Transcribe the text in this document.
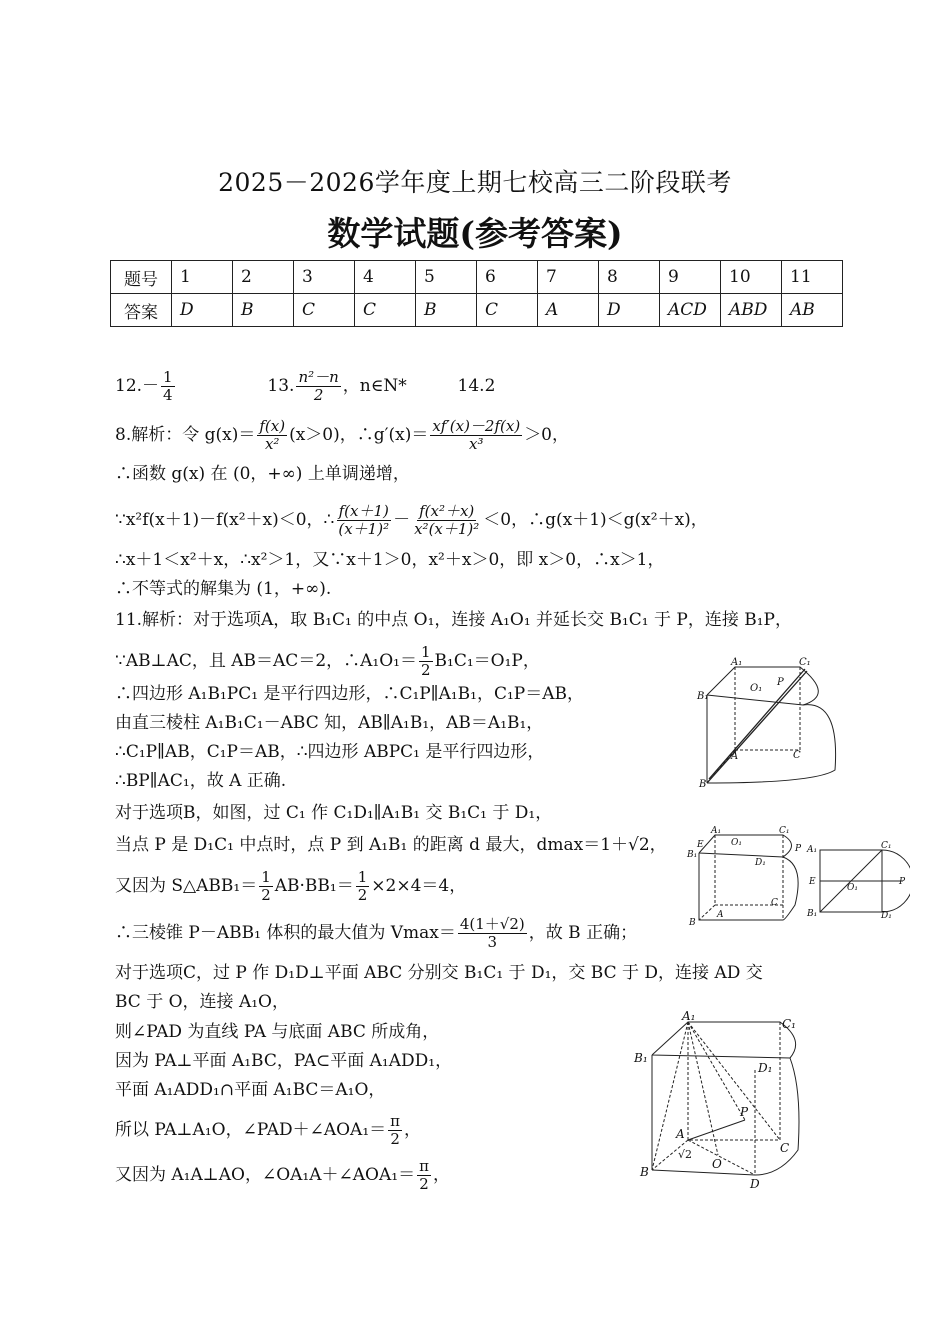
2025－2026学年度上期七校高三二阶段联考
数学试题(参考答案)
题号	1	2	3	4	5	6	7	8	9	10	11
答案	D	B	C	C	B	C	A	D	ACD	ABD	AB
$12.- \frac{1}{4}$	13. $\frac{\text{n²－n}}{2}$ ，n∈N*	14.2
8.解析：令 $g(x)= \frac{f(x)}{\text{x²}} (x>0)$，∴g′(x)＝ $\frac{xf'(x)-2f(x)}{\text{x³}} >0$，
∴函数 g(x) 在 (0，+∞) 上单调递增，
∵x²f(x＋1)－f(x²＋x)＜0，∴ $\frac{f(x+1)}{\text{(x＋1)²}} - \frac{\text{f(x²＋x)}}{\text{x²(x＋1)²}} <0$，∴g(x＋1)＜g(x²＋x)，
∴x＋1＜x²＋x，∴x²＞1，又∵x＋1＞0，x²＋x＞0，即 x＞0，∴x＞1，
∴不等式的解集为 (1，+∞).
11.解析：对于选项A，取 B₁C₁ 的中点 O₁，连接 A₁O₁ 并延长交 B₁C₁ 于 P，连接 B₁P，
∵AB⊥AC，且 AB＝AC＝2，∴A₁O₁＝ $\frac{1}{2} B_1C_1=O_1P$，
∴四边形 A₁B₁PC₁ 是平行四边形，∴C₁P∥A₁B₁，C₁P＝AB，
由直三棱柱 A₁B₁C₁－ABC 知，AB∥A₁B₁，AB＝A₁B₁，
∴C₁P∥AB，C₁P＝AB，∴四边形 ABPC₁ 是平行四边形，
∴BP∥AC₁，故 A 正确.
对于选项B，如图，过 C₁ 作 C₁D₁∥A₁B₁ 交 B₁C₁ 于 D₁，
当点 P 是 D₁C₁ 中点时，点 P 到 A₁B₁ 的距离 d 最大，dmax＝1＋√2，
又因为 S△ABB₁＝ $\frac{1}{2} AB\cdot BB_1= \frac{1}{2} \times 2\times 4=4$，
∴三棱锥 P－ABB₁ 体积的最大值为 $Vmax= \frac{4(1+√2)}{3}$ ，故 B 正确；
对于选项C，过 P 作 D₁D⊥平面 ABC 分别交 B₁C₁ 于 D₁，交 BC 于 D，连接 AD 交
BC 于 O，连接 A₁O，
则∠PAD 为直线 PA 与底面 ABC 所成角，
因为 PA⊥平面 A₁BC，PA⊂平面 A₁ADD₁，
平面 A₁ADD₁∩平面 A₁BC＝A₁O，
所以 PA⊥A₁O，∠PAD＋∠AOA₁＝ $\frac{\pi}{2}$ ，
又因为 A₁A⊥AO，∠OA₁A＋∠AOA₁＝ $\frac{\pi}{2}$ ，
A₁	C₁
B₁
O₁
P
C
A
B
A₁
O₁
C₁
E	P
B₁
D₁
C
A
B
A₁	C₁
E
O₁
P
B₁	D₁
A₁
C₁
B₁
D₁
P
A
√2
O
C
B
D
